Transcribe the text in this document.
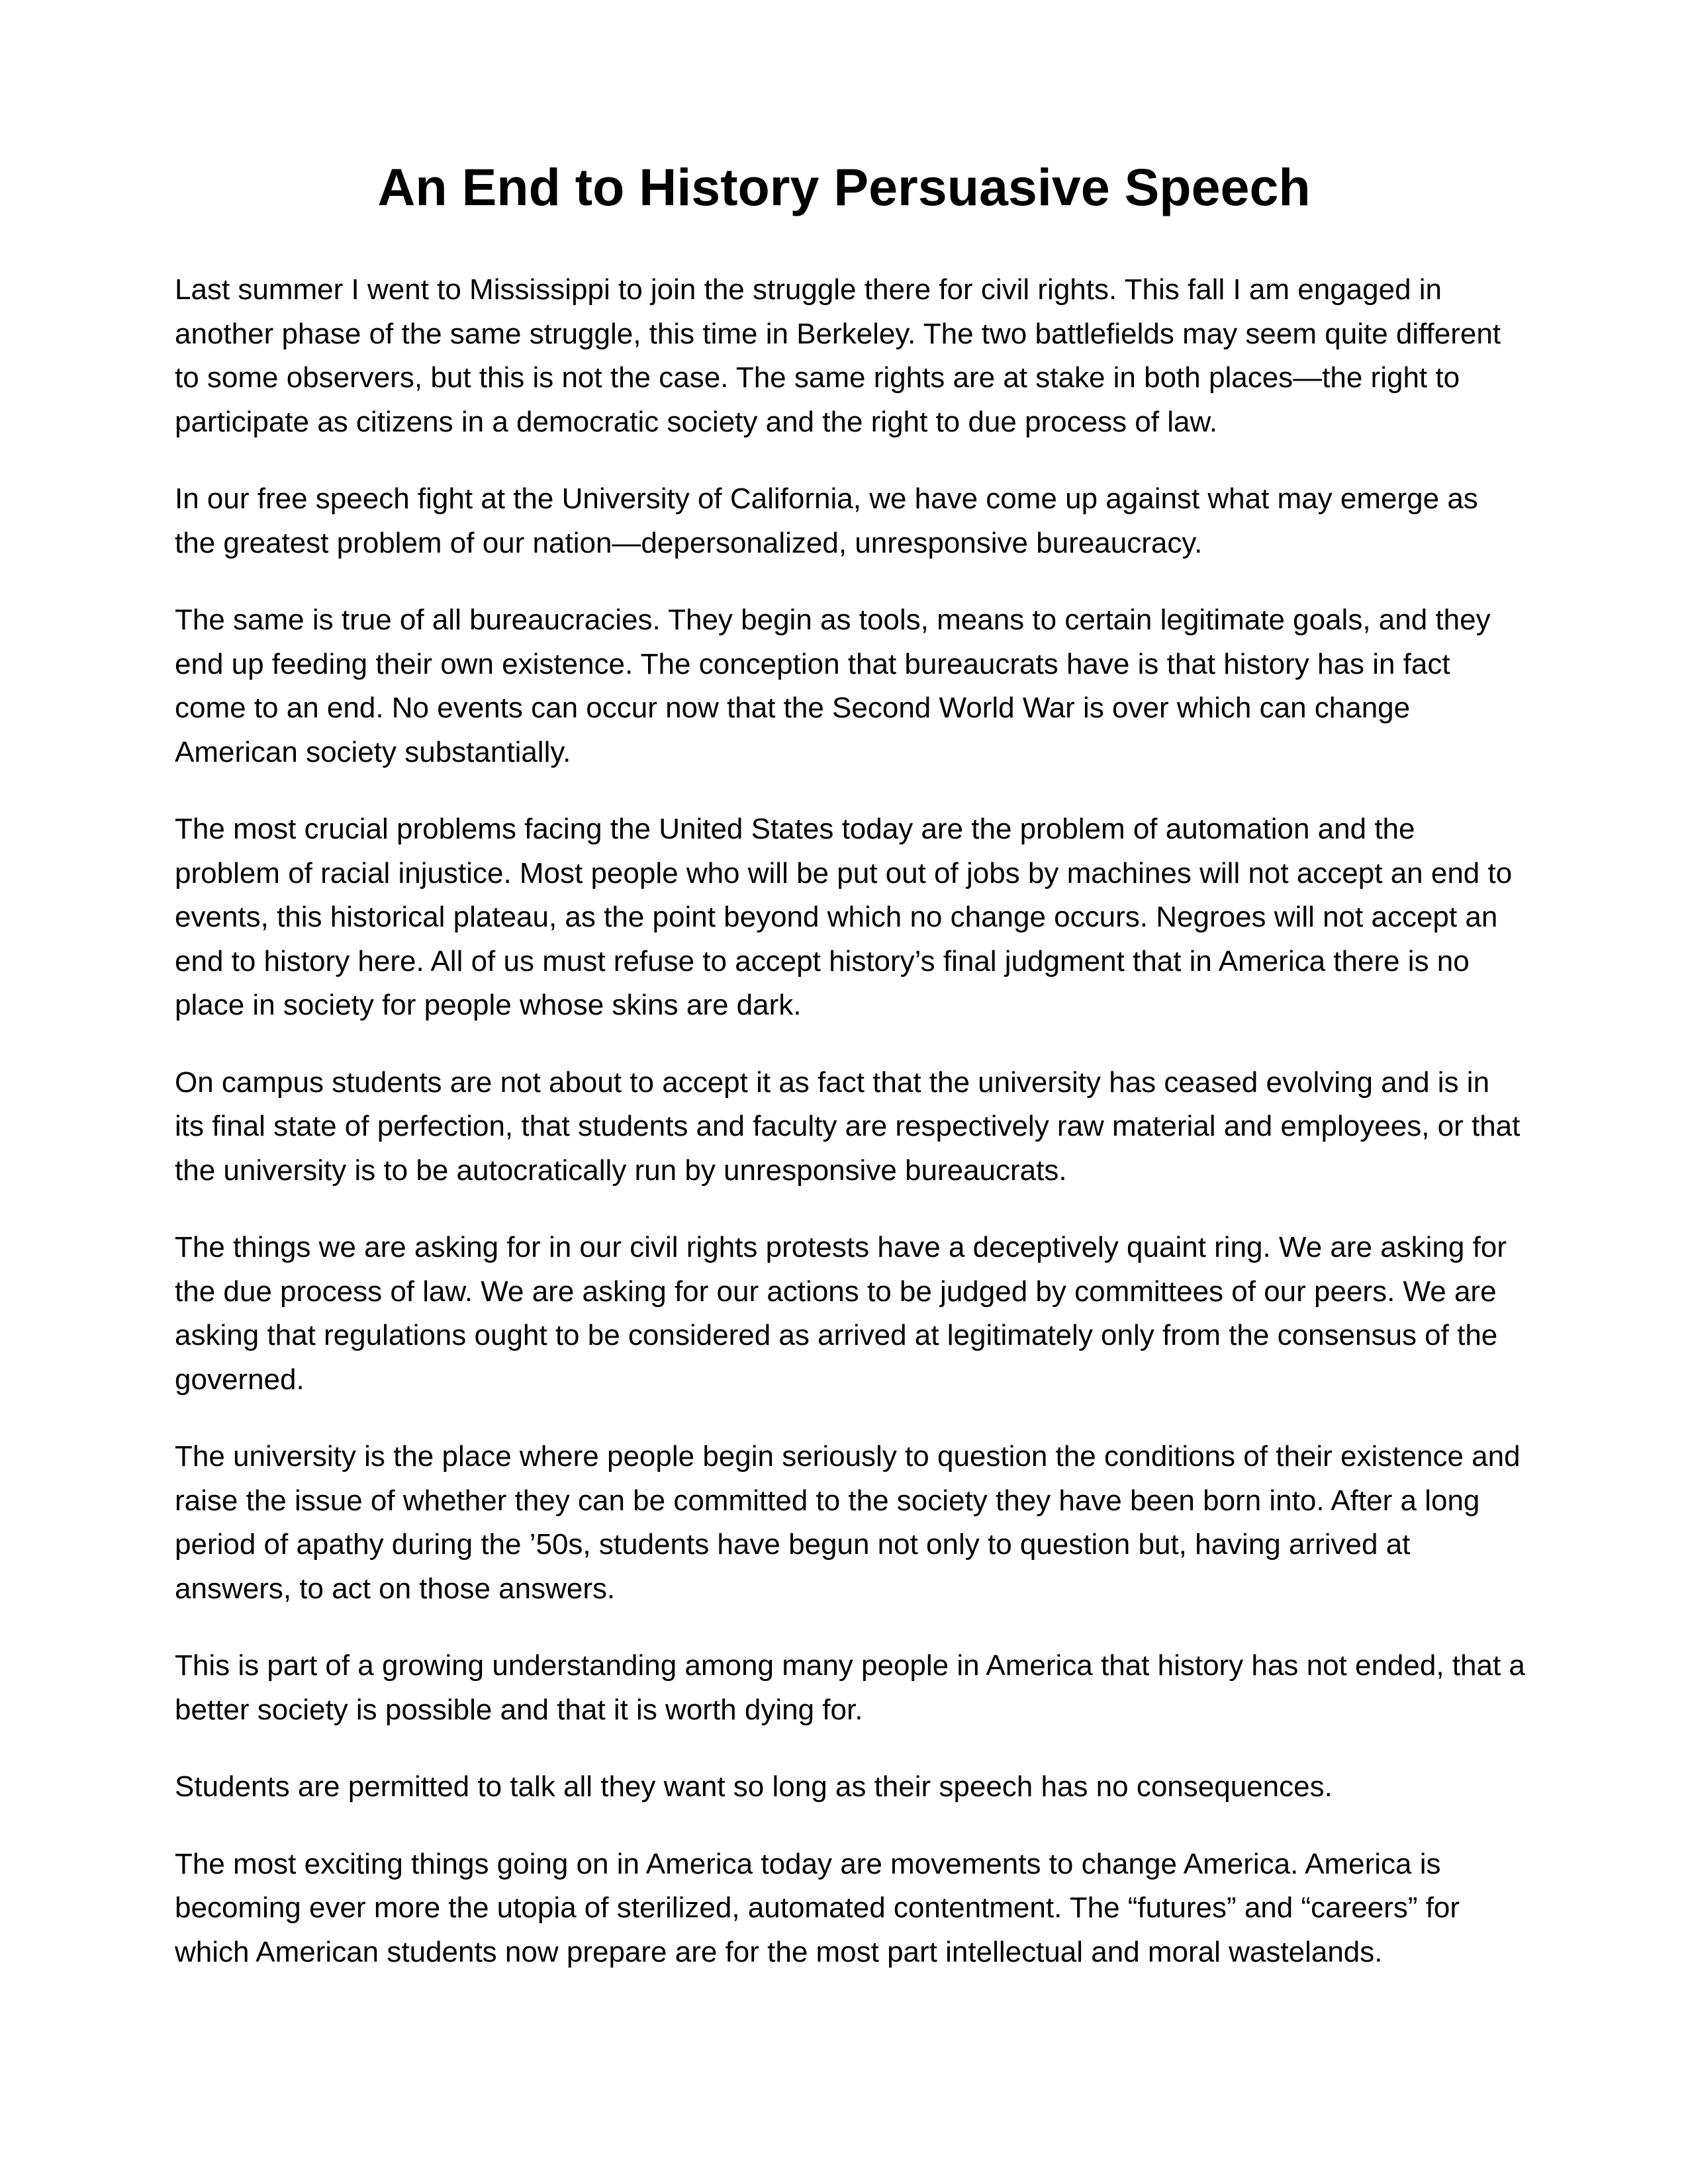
An End to History Persuasive Speech

Last summer I went to Mississippi to join the struggle there for civil rights. This fall I am engaged in another phase of the same struggle, this time in Berkeley. The two battlefields may seem quite different to some observers, but this is not the case. The same rights are at stake in both places—the right to participate as citizens in a democratic society and the right to due process of law.

In our free speech fight at the University of California, we have come up against what may emerge as the greatest problem of our nation—depersonalized, unresponsive bureaucracy.

The same is true of all bureaucracies. They begin as tools, means to certain legitimate goals, and they end up feeding their own existence. The conception that bureaucrats have is that history has in fact come to an end. No events can occur now that the Second World War is over which can change American society substantially.

The most crucial problems facing the United States today are the problem of automation and the problem of racial injustice. Most people who will be put out of jobs by machines will not accept an end to events, this historical plateau, as the point beyond which no change occurs. Negroes will not accept an end to history here. All of us must refuse to accept history’s final judgment that in America there is no place in society for people whose skins are dark.

On campus students are not about to accept it as fact that the university has ceased evolving and is in its final state of perfection, that students and faculty are respectively raw material and employees, or that the university is to be autocratically run by unresponsive bureaucrats.

The things we are asking for in our civil rights protests have a deceptively quaint ring. We are asking for the due process of law. We are asking for our actions to be judged by committees of our peers. We are asking that regulations ought to be considered as arrived at legitimately only from the consensus of the governed.

The university is the place where people begin seriously to question the conditions of their existence and raise the issue of whether they can be committed to the society they have been born into. After a long period of apathy during the ’50s, students have begun not only to question but, having arrived at answers, to act on those answers.

This is part of a growing understanding among many people in America that history has not ended, that a better society is possible and that it is worth dying for.

Students are permitted to talk all they want so long as their speech has no consequences.

The most exciting things going on in America today are movements to change America. America is becoming ever more the utopia of sterilized, automated contentment. The “futures” and “careers” for which American students now prepare are for the most part intellectual and moral wastelands.
